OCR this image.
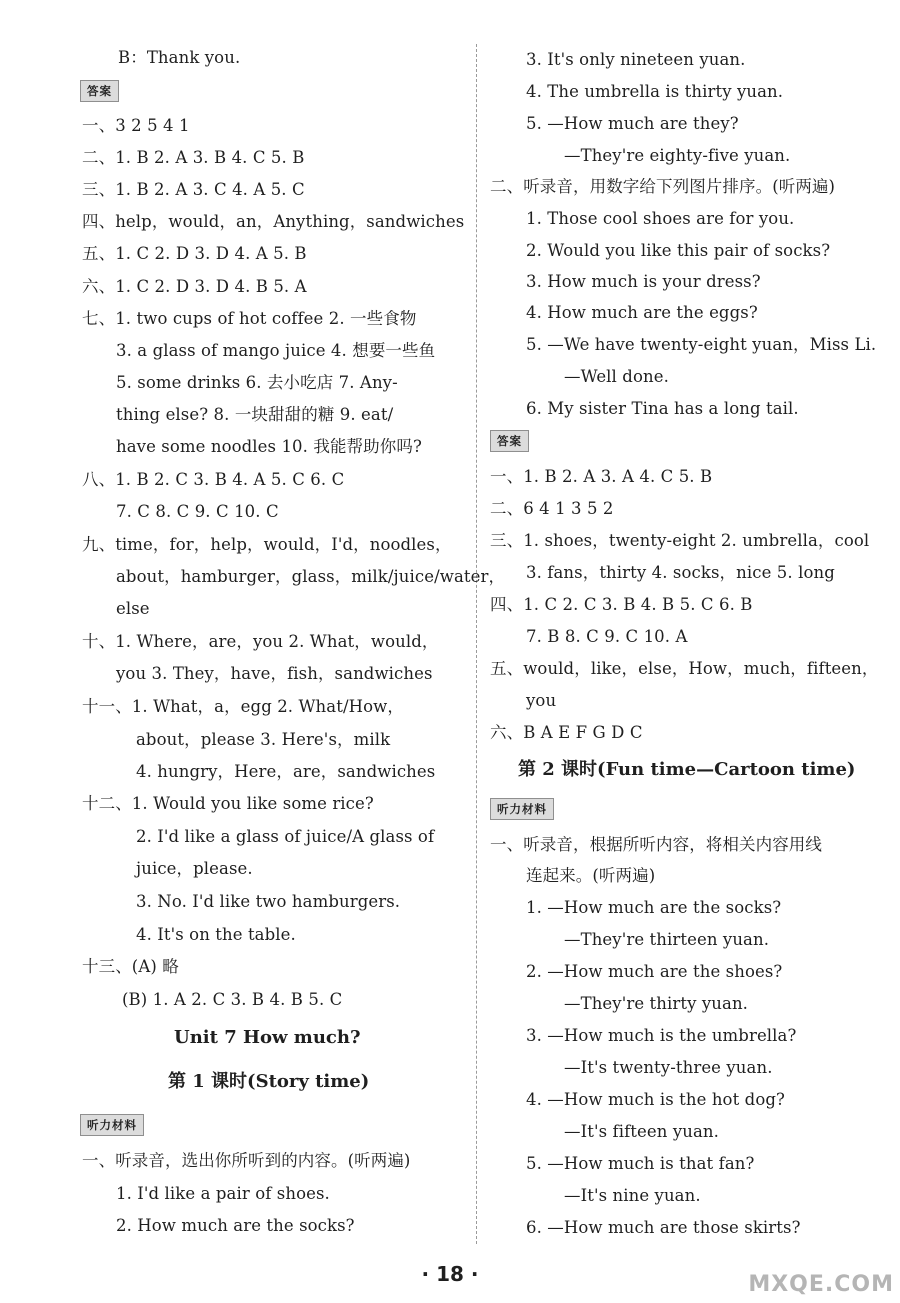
B：Thank you.
答案
一、3 2 5 4 1
二、1. B 2. A 3. B 4. C 5. B
三、1. B 2. A 3. C 4. A 5. C
四、help，would，an，Anything，sandwiches
五、1. C 2. D 3. D 4. A 5. B
六、1. C 2. D 3. D 4. B 5. A
七、1. two cups of hot coffee 2. 一些食物
3. a glass of mango juice 4. 想要一些鱼
5. some drinks 6. 去小吃店 7. Any-
thing else? 8. 一块甜甜的糖 9. eat/
have some noodles 10. 我能帮助你吗?
八、1. B 2. C 3. B 4. A 5. C 6. C
7. C 8. C 9. C 10. C
九、time，for，help，would，I'd，noodles，
about，hamburger，glass，milk/juice/water，
else
十、1. Where，are，you 2. What，would，
you 3. They，have，fish，sandwiches
十一、1. What，a，egg 2. What/How，
about，please 3. Here's，milk
4. hungry，Here，are，sandwiches
十二、1. Would you like some rice?
2. I'd like a glass of juice/A glass of
juice，please.
3. No. I'd like two hamburgers.
4. It's on the table.
十三、(A) 略
(B) 1. A 2. C 3. B 4. B 5. C
Unit 7 How much?
第 1 课时(Story time)
听力材料
一、听录音，选出你所听到的内容。(听两遍)
1. I'd like a pair of shoes.
2. How much are the socks?
3. It's only nineteen yuan.
4. The umbrella is thirty yuan.
5. —How much are they?
—They're eighty-five yuan.
二、听录音，用数字给下列图片排序。(听两遍)
1. Those cool shoes are for you.
2. Would you like this pair of socks?
3. How much is your dress?
4. How much are the eggs?
5. —We have twenty-eight yuan，Miss Li.
—Well done.
6. My sister Tina has a long tail.
答案
一、1. B 2. A 3. A 4. C 5. B
二、6 4 1 3 5 2
三、1. shoes，twenty-eight 2. umbrella，cool
3. fans，thirty 4. socks，nice 5. long
四、1. C 2. C 3. B 4. B 5. C 6. B
7. B 8. C 9. C 10. A
五、would，like，else，How，much，fifteen，
you
六、B A E F G D C
第 2 课时(Fun time—Cartoon time)
听力材料
一、听录音，根据所听内容，将相关内容用线
连起来。(听两遍)
1. —How much are the socks?
—They're thirteen yuan.
2. —How much are the shoes?
—They're thirty yuan.
3. —How much is the umbrella?
—It's twenty-three yuan.
4. —How much is the hot dog?
—It's fifteen yuan.
5. —How much is that fan?
—It's nine yuan.
6. —How much are those skirts?
· 18 ·	MXQE.COM
